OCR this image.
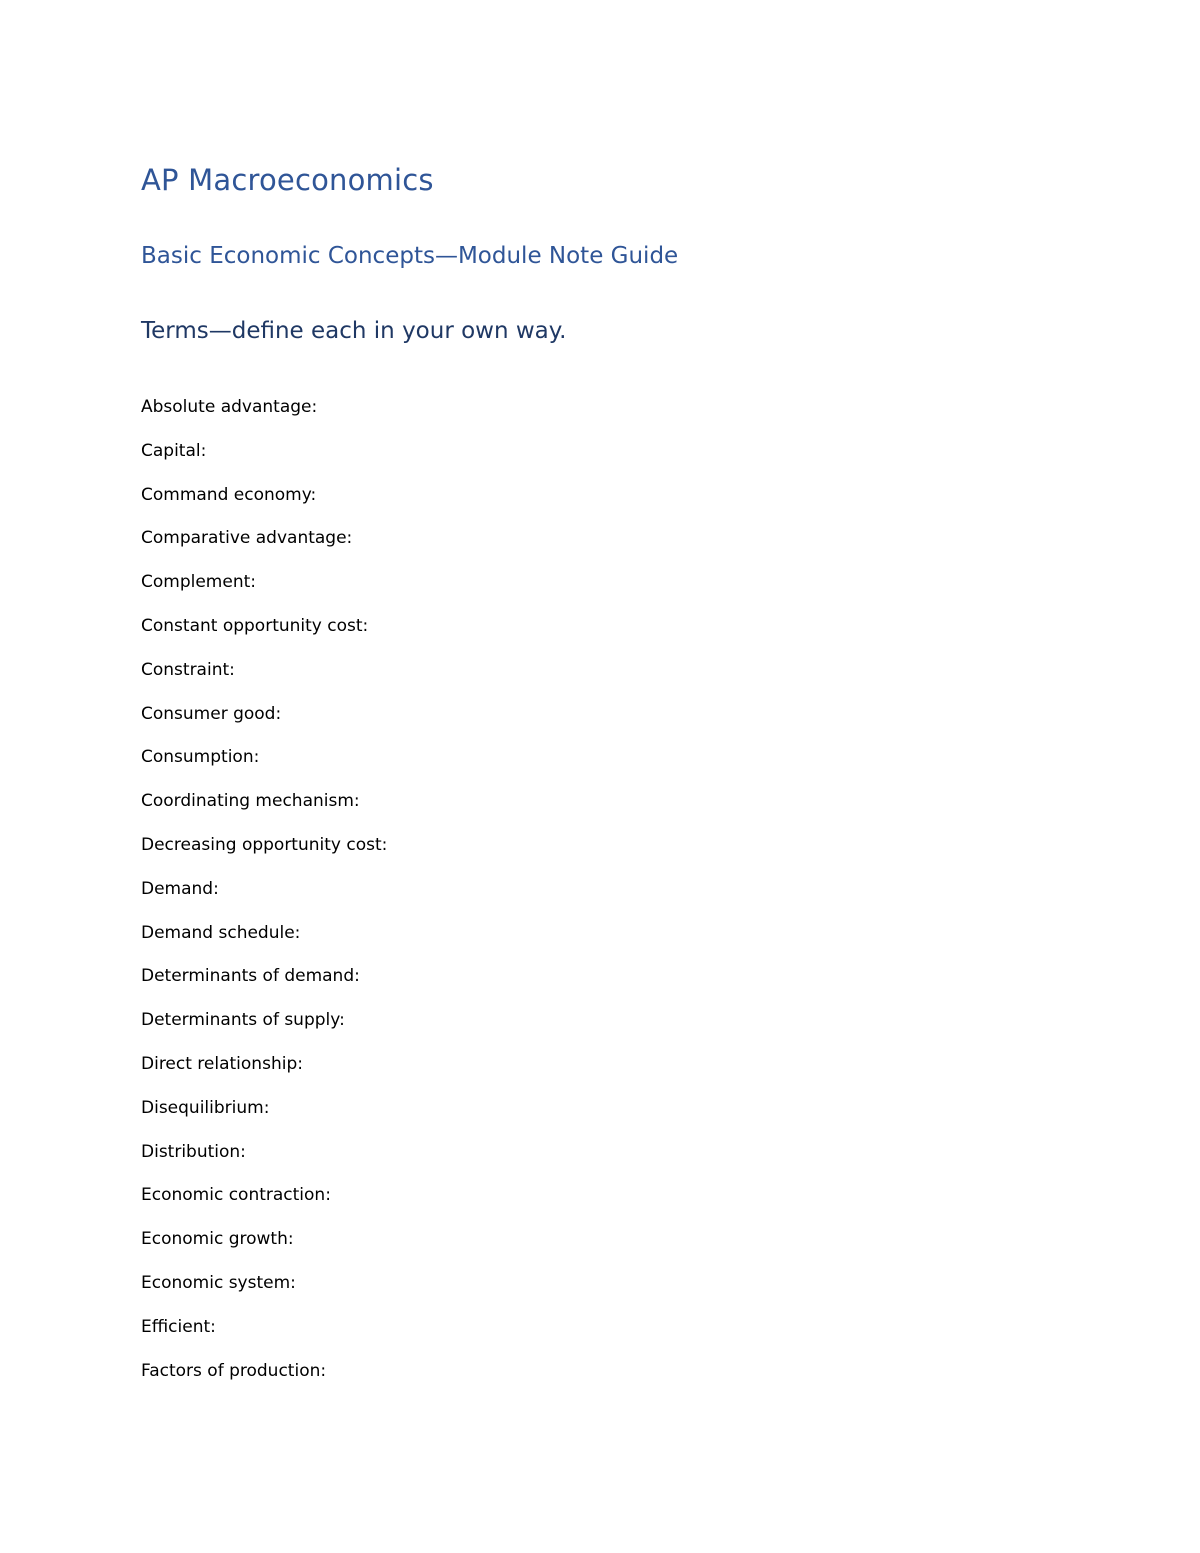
AP Macroeconomics
Basic Economic Concepts—Module Note Guide
Terms—define each in your own way.
Absolute advantage:
Capital:
Command economy:
Comparative advantage:
Complement:
Constant opportunity cost:
Constraint:
Consumer good:
Consumption:
Coordinating mechanism:
Decreasing opportunity cost:
Demand:
Demand schedule:
Determinants of demand:
Determinants of supply:
Direct relationship:
Disequilibrium:
Distribution:
Economic contraction:
Economic growth:
Economic system:
Efficient:
Factors of production:
